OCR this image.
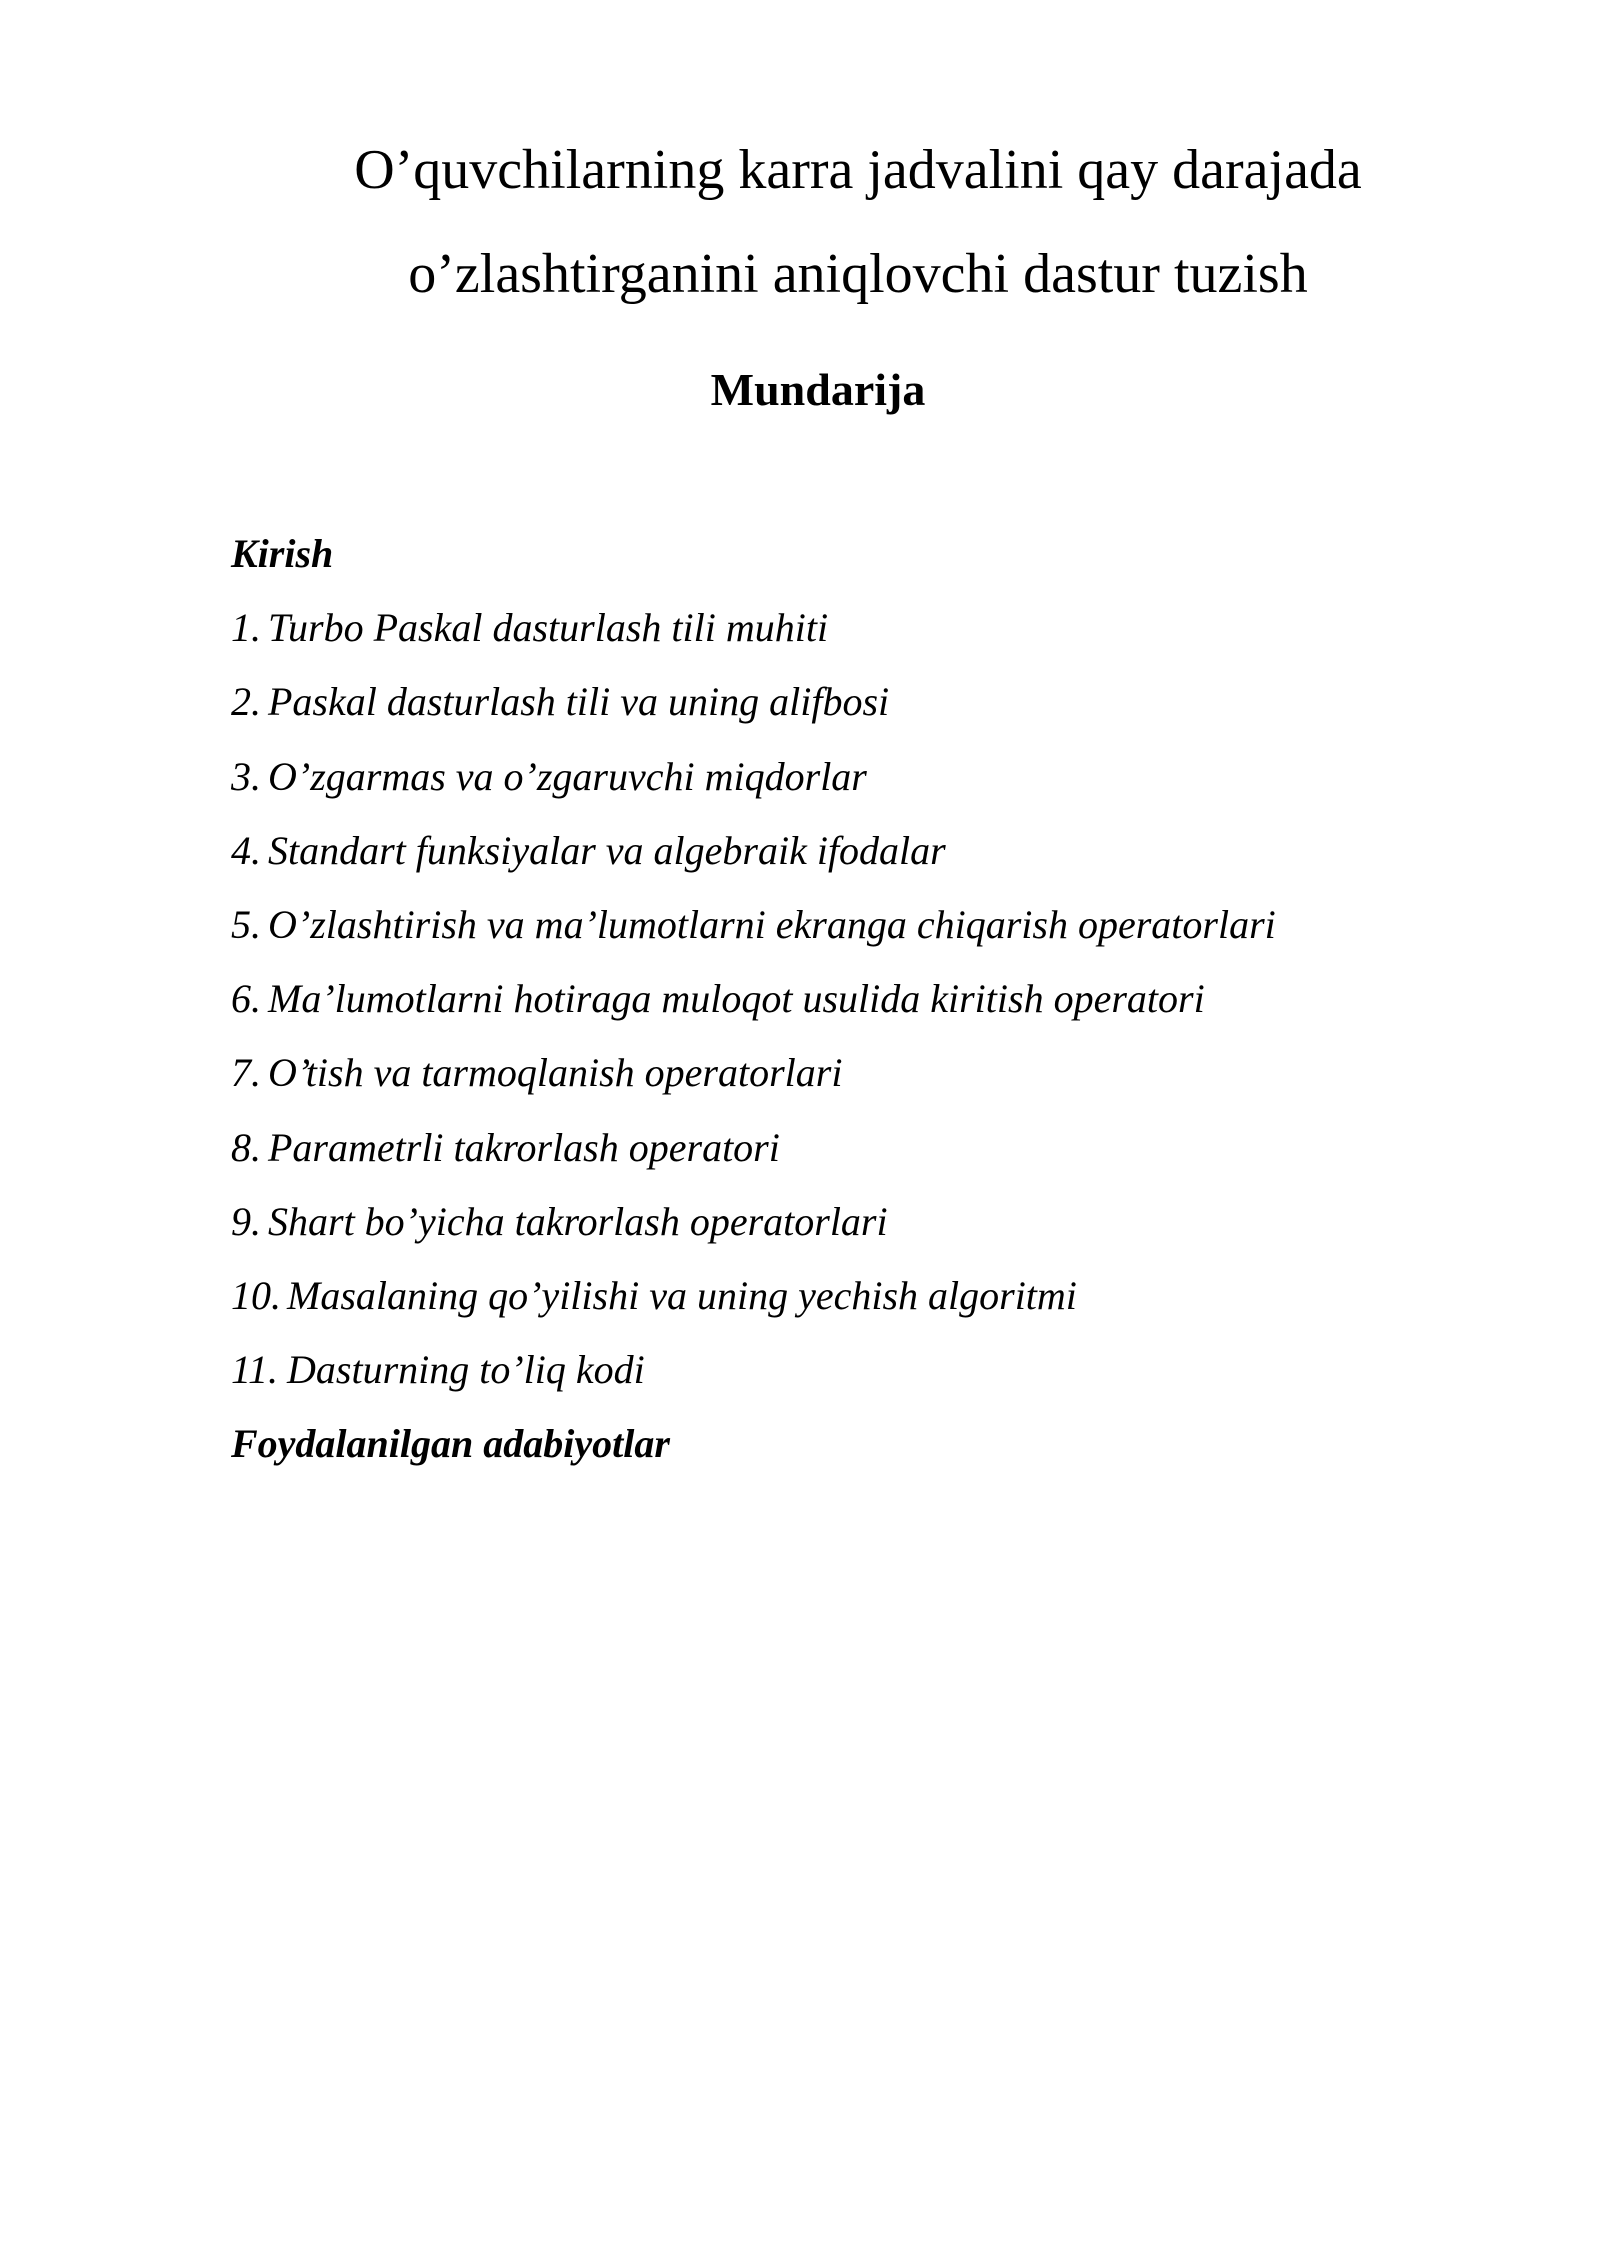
O’quvchilarning karra jadvalini qay darajada
o’zlashtirganini aniqlovchi dastur tuzish
Mundarija
Kirish
1. Turbo Paskal dasturlash tili muhiti
2. Paskal dasturlash tili va uning alifbosi
3. O’zgarmas va o’zgaruvchi miqdorlar
4. Standart funksiyalar va algebraik ifodalar
5. O’zlashtirish va ma’lumotlarni ekranga chiqarish operatorlari
6. Ma’lumotlarni hotiraga muloqot usulida kiritish operatori
7. O’tish va tarmoqlanish operatorlari
8. Parametrli takrorlash operatori
9. Shart bo’yicha takrorlash operatorlari
10. Masalaning qo’yilishi va uning yechish algoritmi
11. Dasturning to’liq kodi
Foydalanilgan adabiyotlar
